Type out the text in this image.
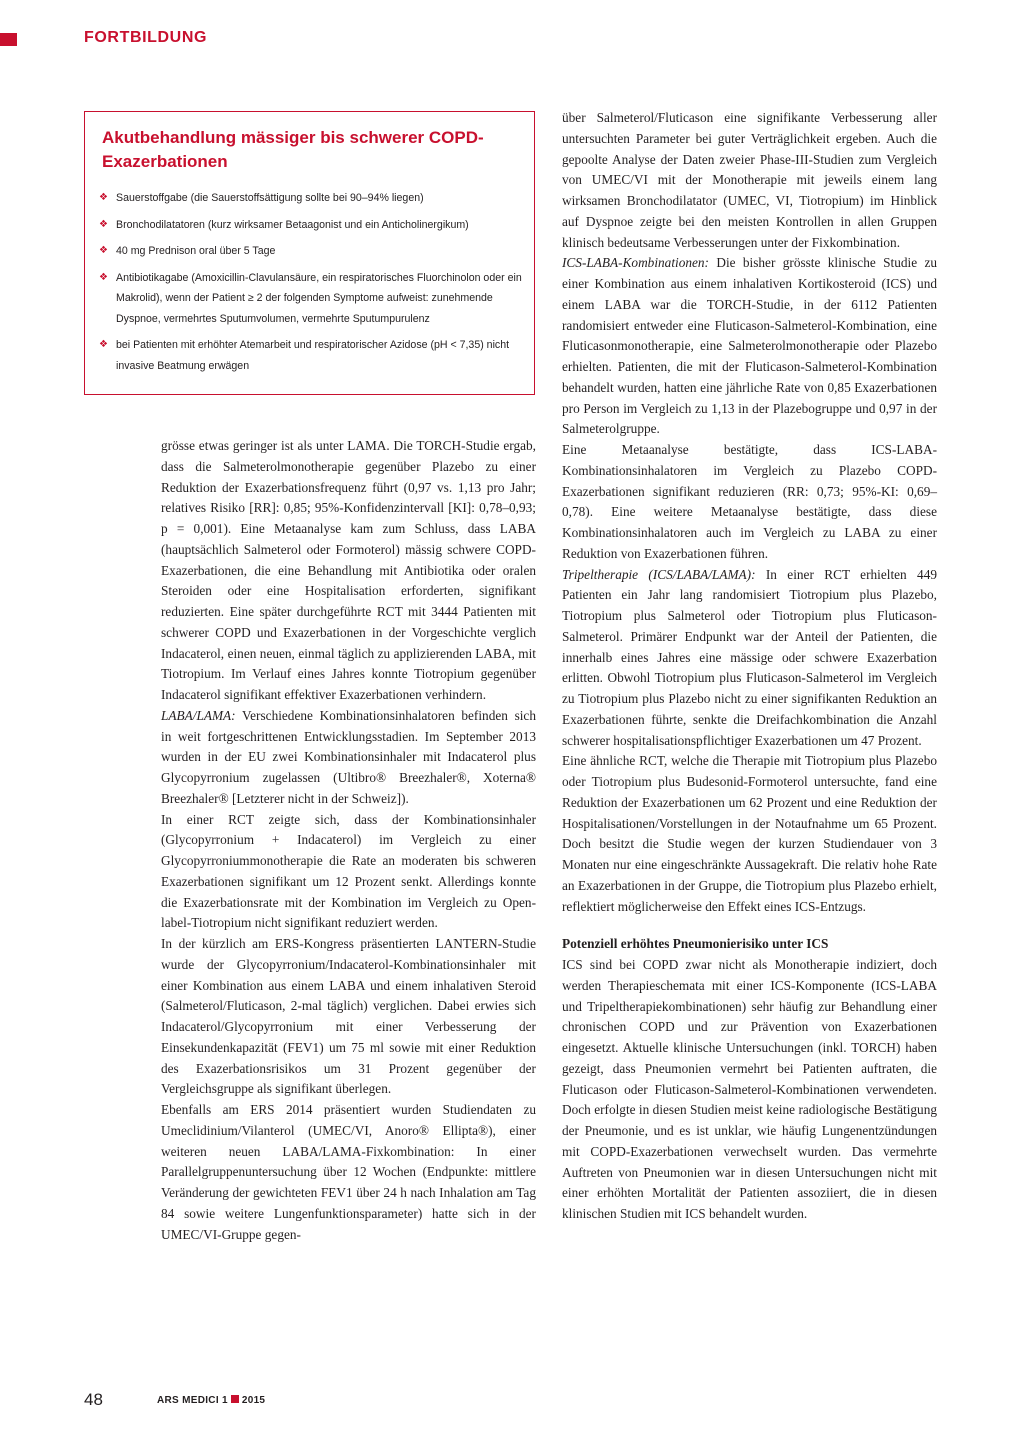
FORTBILDUNG
Akutbehandlung mässiger bis schwerer COPD-Exazerbationen
❖ Sauerstoffgabe (die Sauerstoffsättigung sollte bei 90–94% liegen)
❖ Bronchodilatatoren (kurz wirksamer Betaagonist und ein Anticholinergikum)
❖ 40 mg Prednison oral über 5 Tage
❖ Antibiotikagabe (Amoxicillin-Clavulansäure, ein respiratorisches Fluorchinolon oder ein Makrolid), wenn der Patient ≥ 2 der folgenden Symptome aufweist: zunehmende Dyspnoe, vermehrtes Sputumvolumen, vermehrte Sputumpurulenz
❖ bei Patienten mit erhöhter Atemarbeit und respiratorischer Azidose (pH < 7,35) nicht invasive Beatmung erwägen

grösse etwas geringer ist als unter LAMA. Die TORCH-Studie ergab, dass die Salmeterolmonotherapie gegenüber Plazebo zu einer Reduktion der Exazerbationsfrequenz führt (0,97 vs. 1,13 pro Jahr; relatives Risiko [RR]: 0,85; 95%-Konfidenzintervall [KI]: 0,78–0,93; p = 0,001). Eine Metaanalyse kam zum Schluss, dass LABA (hauptsächlich Salmeterol oder Formoterol) mässig schwere COPD-Exazerbationen, die eine Behandlung mit Antibiotika oder oralen Steroiden oder eine Hospitalisation erforderten, signifikant reduzierten. Eine später durchgeführte RCT mit 3444 Patienten mit schwerer COPD und Exazerbationen in der Vorgeschichte verglich Indacaterol, einen neuen, einmal täglich zu applizierenden LABA, mit Tiotropium. Im Verlauf eines Jahres konnte Tiotropium gegenüber Indacaterol signifikant effektiver Exazerbationen verhindern.

LABA/LAMA: Verschiedene Kombinationsinhalatoren befinden sich in weit fortgeschrittenen Entwicklungsstadien. Im September 2013 wurden in der EU zwei Kombinationsinhaler mit Indacaterol plus Glycopyrronium zugelassen (Ultibro® Breezhaler®, Xoterna® Breezhaler® [Letzterer nicht in der Schweiz]).

In einer RCT zeigte sich, dass der Kombinationsinhaler (Glycopyrronium + Indacaterol) im Vergleich zu einer Glycopyrroniummonotherapie die Rate an moderaten bis schweren Exazerbationen signifikant um 12 Prozent senkt. Allerdings konnte die Exazerbationsrate mit der Kombination im Vergleich zu Open-label-Tiotropium nicht signifikant reduziert werden.

In der kürzlich am ERS-Kongress präsentierten LANTERN-Studie wurde der Glycopyrronium/Indacaterol-Kombinationsinhaler mit einer Kombination aus einem LABA und einem inhalativen Steroid (Salmeterol/Fluticason, 2-mal täglich) verglichen. Dabei erwies sich Indacaterol/Glycopyrronium mit einer Verbesserung der Einsekundenkapazität (FEV1) um 75 ml sowie mit einer Reduktion des Exazerbationsrisikos um 31 Prozent gegenüber der Vergleichsgruppe als signifikant überlegen.

Ebenfalls am ERS 2014 präsentiert wurden Studiendaten zu Umeclidinium/Vilanterol (UMEC/VI, Anoro® Ellipta®), einer weiteren neuen LABA/LAMA-Fixkombination: In einer Parallelgruppenuntersuchung über 12 Wochen (Endpunkte: mittlere Veränderung der gewichteten FEV1 über 24 h nach Inhalation am Tag 84 sowie weitere Lungenfunktionsparameter) hatte sich in der UMEC/VI-Gruppe gegen-

über Salmeterol/Fluticason eine signifikante Verbesserung aller untersuchten Parameter bei guter Verträglichkeit ergeben. Auch die gepoolte Analyse der Daten zweier Phase-III-Studien zum Vergleich von UMEC/VI mit der Monotherapie mit jeweils einem lang wirksamen Bronchodilatator (UMEC, VI, Tiotropium) im Hinblick auf Dyspnoe zeigte bei den meisten Kontrollen in allen Gruppen klinisch bedeutsame Verbesserungen unter der Fixkombination.

ICS-LABA-Kombinationen: Die bisher grösste klinische Studie zu einer Kombination aus einem inhalativen Kortikosteroid (ICS) und einem LABA war die TORCH-Studie, in der 6112 Patienten randomisiert entweder eine Fluticason-Salmeterol-Kombination, eine Fluticasonmonotherapie, eine Salmeterolmonotherapie oder Plazebo erhielten. Patienten, die mit der Fluticason-Salmeterol-Kombination behandelt wurden, hatten eine jährliche Rate von 0,85 Exazerbationen pro Person im Vergleich zu 1,13 in der Plazebogruppe und 0,97 in der Salmeterolgruppe.

Eine Metaanalyse bestätigte, dass ICS-LABA-Kombinationsinhalatoren im Vergleich zu Plazebo COPD-Exazerbationen signifikant reduzieren (RR: 0,73; 95%-KI: 0,69–0,78). Eine weitere Metaanalyse bestätigte, dass diese Kombinationsinhalatoren auch im Vergleich zu LABA zu einer Reduktion von Exazerbationen führen.

Tripeltherapie (ICS/LABA/LAMA): In einer RCT erhielten 449 Patienten ein Jahr lang randomisiert Tiotropium plus Plazebo, Tiotropium plus Salmeterol oder Tiotropium plus Fluticason-Salmeterol. Primärer Endpunkt war der Anteil der Patienten, die innerhalb eines Jahres eine mässige oder schwere Exazerbation erlitten. Obwohl Tiotropium plus Fluticason-Salmeterol im Vergleich zu Tiotropium plus Plazebo nicht zu einer signifikanten Reduktion an Exazerbationen führte, senkte die Dreifachkombination die Anzahl schwerer hospitalisationspflichtiger Exazerbationen um 47 Prozent.

Eine ähnliche RCT, welche die Therapie mit Tiotropium plus Plazebo oder Tiotropium plus Budesonid-Formoterol untersuchte, fand eine Reduktion der Exazerbationen um 62 Prozent und eine Reduktion der Hospitalisationen/Vorstellungen in der Notaufnahme um 65 Prozent. Doch besitzt die Studie wegen der kurzen Studiendauer von 3 Monaten nur eine eingeschränkte Aussagekraft. Die relativ hohe Rate an Exazerbationen in der Gruppe, die Tiotropium plus Plazebo erhielt, reflektiert möglicherweise den Effekt eines ICS-Entzugs.

Potenziell erhöhtes Pneumonierisiko unter ICS

ICS sind bei COPD zwar nicht als Monotherapie indiziert, doch werden Therapieschemata mit einer ICS-Komponente (ICS-LABA und Tripeltherapiekombinationen) sehr häufig zur Behandlung einer chronischen COPD und zur Prävention von Exazerbationen eingesetzt. Aktuelle klinische Untersuchungen (inkl. TORCH) haben gezeigt, dass Pneumonien vermehrt bei Patienten auftraten, die Fluticason oder Fluticason-Salmeterol-Kombinationen verwendeten. Doch erfolgte in diesen Studien meist keine radiologische Bestätigung der Pneumonie, und es ist unklar, wie häufig Lungenentzündungen mit COPD-Exazerbationen verwechselt wurden. Das vermehrte Auftreten von Pneumonien war in diesen Untersuchungen nicht mit einer erhöhten Mortalität der Patienten assoziiert, die in diesen klinischen Studien mit ICS behandelt wurden.

48	ARS MEDICI 1 2015
